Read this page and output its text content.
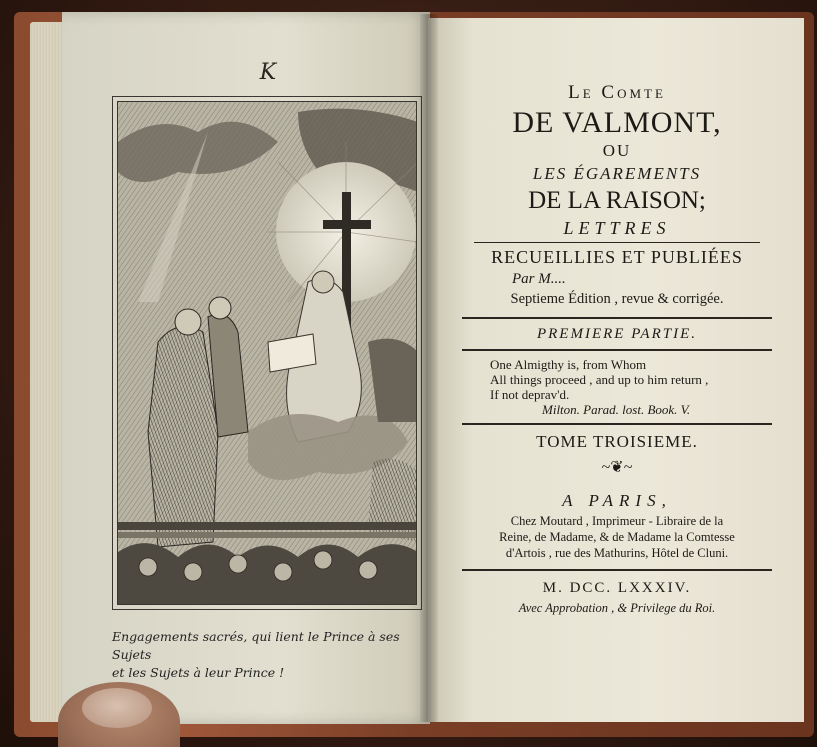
K
Engagements sacrés, qui lient le Prince à ses Sujets
et les Sujets à leur Prince !
Le Comte
DE VALMONT,
OU
LES ÉGAREMENTS
DE LA RAISON;
LETTRES
RECUEILLIES ET PUBLIÉES
Par M....
Septieme Édition , revue & corrigée.
PREMIERE PARTIE.
One Almigthy is, from Whom
All things proceed , and up to him return ,
If not deprav'd.
Milton. Parad. lost. Book. V.
TOME TROISIEME.
~❦~
A PARIS,
Chez Moutard , Imprimeur - Libraire de la
Reine, de Madame, & de Madame la Comtesse
d'Artois , rue des Mathurins, Hôtel de Cluni.
M. DCC. LXXXIV.
Avec Approbation , & Privilege du Roi.
